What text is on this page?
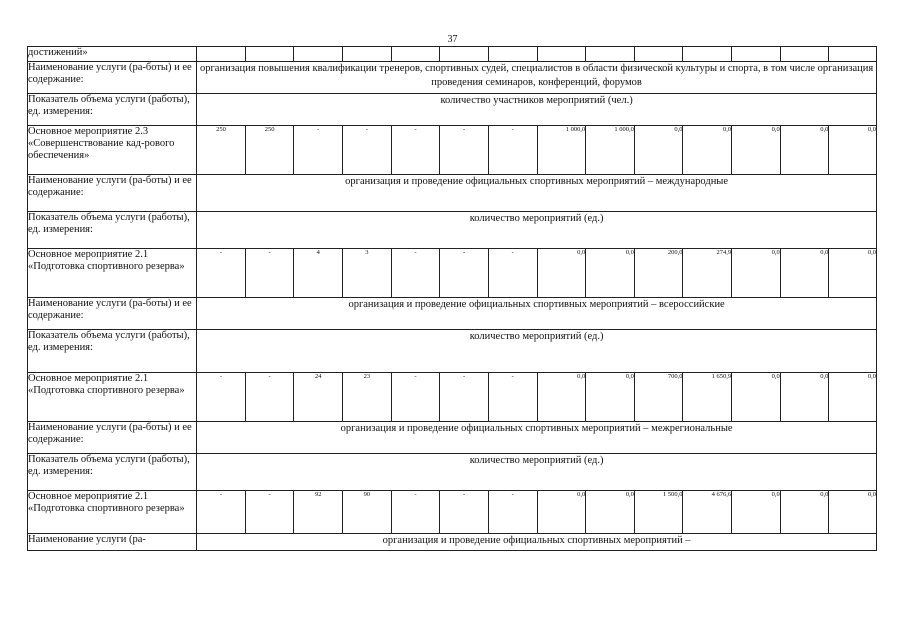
37
достижений»														
Наименование услуги (ра-боты) и ее содержание:	организация повышения квалификации тренеров, спортивных судей, специалистов в области физической культуры и спорта, в том числе организация проведения семинаров, конференций, форумов													
Показатель объема услуги (работы), ед. измерения:	количество участников мероприятий (чел.)													
Основное мероприятие 2.3 «Совершенствование кад-рового обеспечения»	250	250	-	-	-	-	-	1 000,0	1 000,0	0,0	0,0	0,0	0,0	0,0
Наименование услуги (ра-боты) и ее содержание:	организация и проведение официальных спортивных мероприятий – международные													
Показатель объема услуги (работы), ед. измерения:	количество мероприятий (ед.)													
Основное мероприятие 2.1 «Подготовка спортивного резерва»	-	-	4	3	-	-	-	0,0	0,0	200,0	274,9	0,0	0,0	0,0
Наименование услуги (ра-боты) и ее содержание:	организация и проведение официальных спортивных мероприятий – всероссийские													
Показатель объема услуги (работы), ед. измерения:	количество мероприятий (ед.)													
Основное мероприятие 2.1 «Подготовка спортивного резерва»	-	-	24	23	-	-	-	0,0	0,0	700,0	1 650,9	0,0	0,0	0,0
Наименование услуги (ра-боты) и ее содержание:	организация и проведение официальных спортивных мероприятий – межрегиональные													
Показатель объема услуги (работы), ед. измерения:	количество мероприятий (ед.)													
Основное мероприятие 2.1 «Подготовка спортивного резерва»	-	-	92	90	-	-	-	0,0	0,0	1 500,0	4 676,6	0,0	0,0	0,0
Наименование услуги (ра-	организация и проведение официальных спортивных мероприятий –													
